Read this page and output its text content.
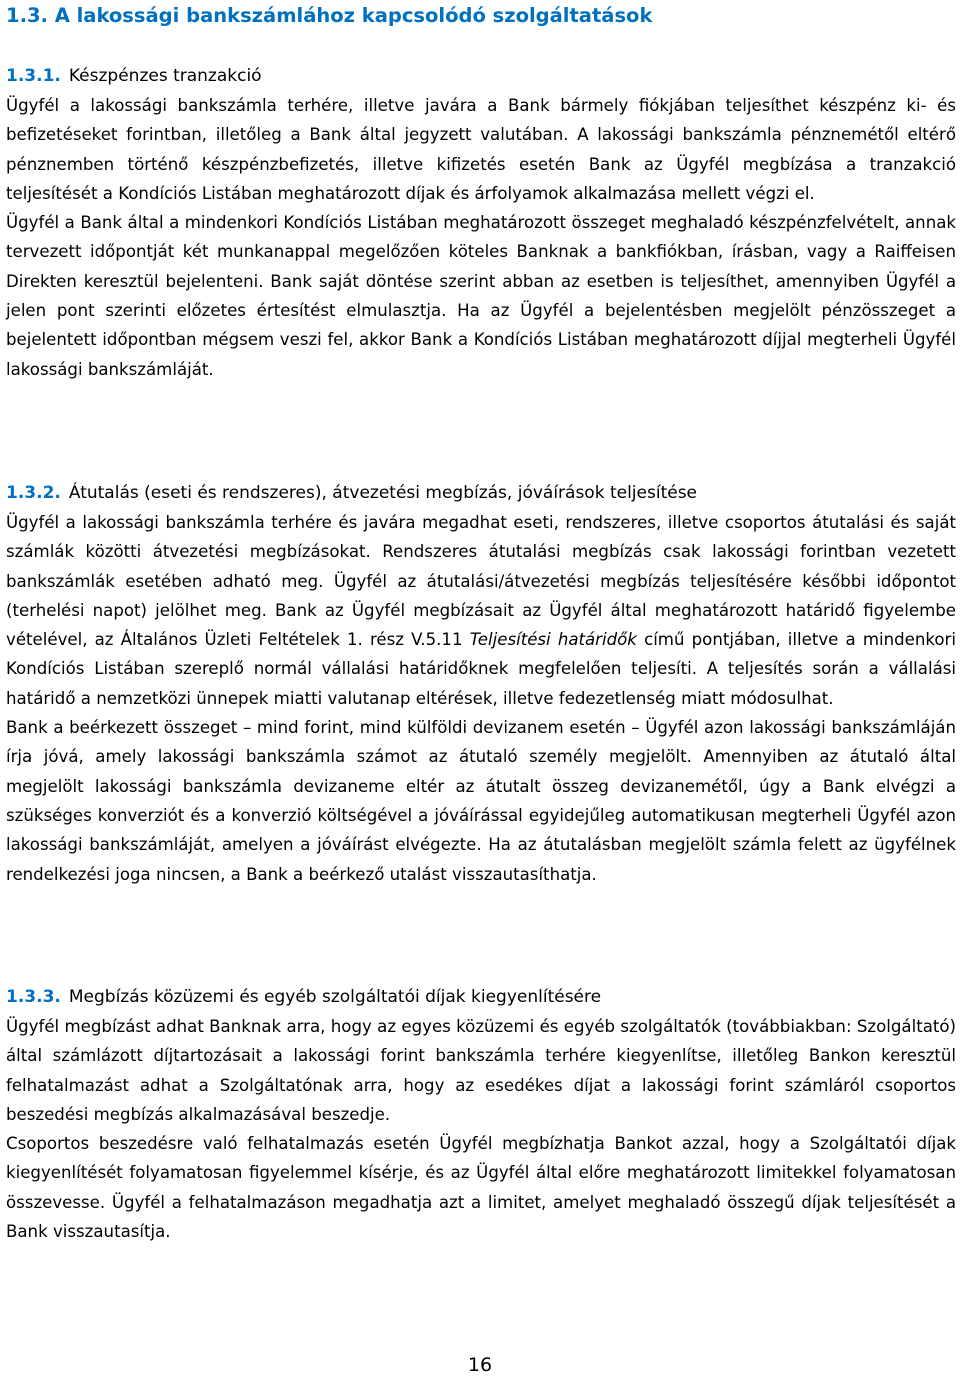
1.3. A lakossági bankszámlához kapcsolódó szolgáltatások
1.3.1. Készpénzes tranzakció

Ügyfél a lakossági bankszámla terhére, illetve javára a Bank bármely fiókjában teljesíthet készpénz ki- és befizetéseket forintban, illetőleg a Bank által jegyzett valutában. A lakossági bankszámla pénznemétől eltérő pénznemben történő készpénzbefizetés, illetve kifizetés esetén Bank az Ügyfél megbízása a tranzakció teljesítését a Kondíciós Listában meghatározott díjak és árfolyamok alkalmazása mellett végzi el.

Ügyfél a Bank által a mindenkori Kondíciós Listában meghatározott összeget meghaladó készpénzfelvételt, annak tervezett időpontját két munkanappal megelőzően köteles Banknak a bankfiókban, írásban, vagy a Raiffeisen Direkten keresztül bejelenteni. Bank saját döntése szerint abban az esetben is teljesíthet, amennyiben Ügyfél a jelen pont szerinti előzetes értesítést elmulasztja. Ha az Ügyfél a bejelentésben megjelölt pénzösszeget a bejelentett időpontban mégsem veszi fel, akkor Bank a Kondíciós Listában meghatározott díjjal megterheli Ügyfél lakossági bankszámláját.

1.3.2. Átutalás (eseti és rendszeres), átvezetési megbízás, jóváírások teljesítése

Ügyfél a lakossági bankszámla terhére és javára megadhat eseti, rendszeres, illetve csoportos átutalási és saját számlák közötti átvezetési megbízásokat. Rendszeres átutalási megbízás csak lakossági forintban vezetett bankszámlák esetében adható meg. Ügyfél az átutalási/átvezetési megbízás teljesítésére későbbi időpontot (terhelési napot) jelölhet meg. Bank az Ügyfél megbízásait az Ügyfél által meghatározott határidő figyelembe vételével, az Általános Üzleti Feltételek 1. rész V.5.11 Teljesítési határidők című pontjában, illetve a mindenkori Kondíciós Listában szereplő normál vállalási határidőknek megfelelően teljesíti. A teljesítés során a vállalási határidő a nemzetközi ünnepek miatti valutanap eltérések, illetve fedezetlenség miatt módosulhat.

Bank a beérkezett összeget – mind forint, mind külföldi devizanem esetén – Ügyfél azon lakossági bankszámláján írja jóvá, amely lakossági bankszámla számot az átutaló személy megjelölt. Amennyiben az átutaló által megjelölt lakossági bankszámla devizaneme eltér az átutalt összeg devizanemétől, úgy a Bank elvégzi a szükséges konverziót és a konverzió költségével a jóváírással egyidejűleg automatikusan megterheli Ügyfél azon lakossági bankszámláját, amelyen a jóváírást elvégezte. Ha az átutalásban megjelölt számla felett az ügyfélnek rendelkezési joga nincsen, a Bank a beérkező utalást visszautasíthatja.

1.3.3. Megbízás közüzemi és egyéb szolgáltatói díjak kiegyenlítésére

Ügyfél megbízást adhat Banknak arra, hogy az egyes közüzemi és egyéb szolgáltatók (továbbiakban: Szolgáltató) által számlázott díjtartozásait a lakossági forint bankszámla terhére kiegyenlítse, illetőleg Bankon keresztül felhatalmazást adhat a Szolgáltatónak arra, hogy az esedékes díjat a lakossági forint számláról csoportos beszedési megbízás alkalmazásával beszedje.

Csoportos beszedésre való felhatalmazás esetén Ügyfél megbízhatja Bankot azzal, hogy a Szolgáltatói díjak kiegyenlítését folyamatosan figyelemmel kísérje, és az Ügyfél által előre meghatározott limitekkel folyamatosan összevesse. Ügyfél a felhatalmazáson megadhatja azt a limitet, amelyet meghaladó összegű díjak teljesítését a Bank visszautasítja.

16
